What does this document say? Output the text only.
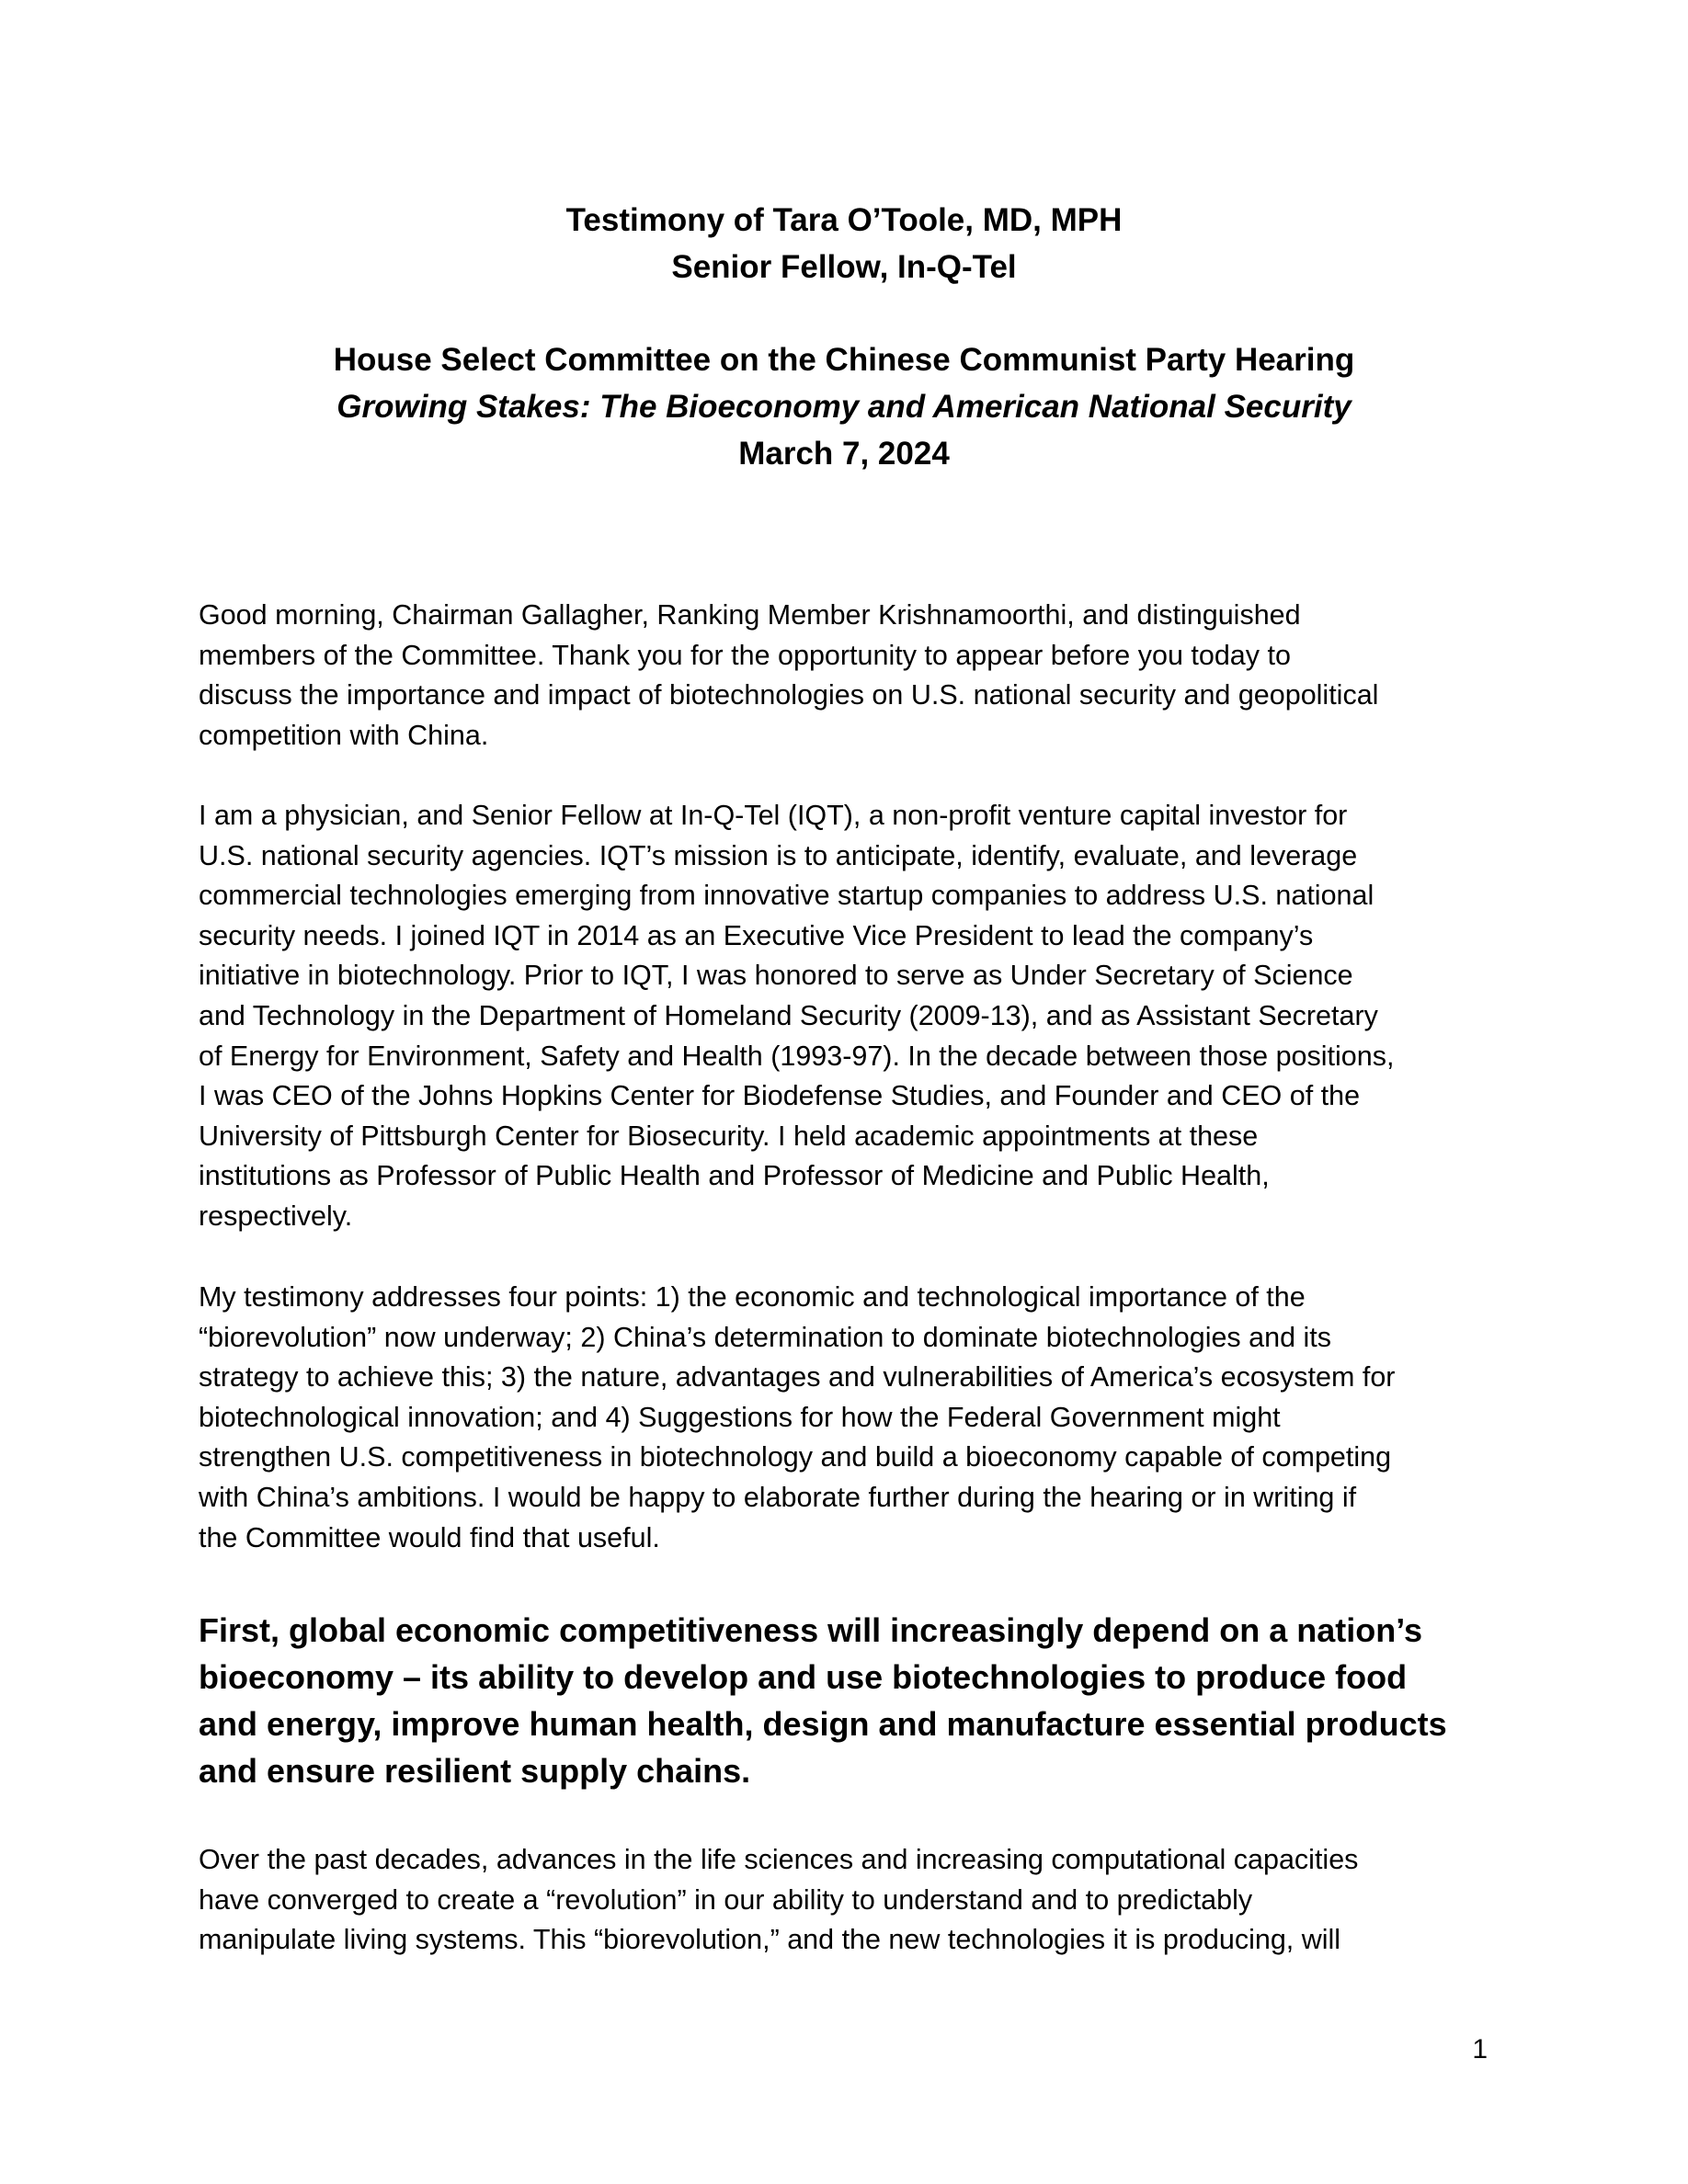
Testimony of Tara O’Toole, MD, MPH
Senior Fellow, In-Q-Tel
House Select Committee on the Chinese Communist Party Hearing
Growing Stakes: The Bioeconomy and American National Security
March 7, 2024
Good morning, Chairman Gallagher, Ranking Member Krishnamoorthi, and distinguished
members of the Committee. Thank you for the opportunity to appear before you today to
discuss the importance and impact of biotechnologies on U.S. national security and geopolitical
competition with China.
I am a physician, and Senior Fellow at In-Q-Tel (IQT), a non-profit venture capital investor for
U.S. national security agencies. IQT’s mission is to anticipate, identify, evaluate, and leverage
commercial technologies emerging from innovative startup companies to address U.S. national
security needs. I joined IQT in 2014 as an Executive Vice President to lead the company’s
initiative in biotechnology. Prior to IQT, I was honored to serve as Under Secretary of Science
and Technology in the Department of Homeland Security (2009-13), and as Assistant Secretary
of Energy for Environment, Safety and Health (1993-97). In the decade between those positions,
I was CEO of the Johns Hopkins Center for Biodefense Studies, and Founder and CEO of the
University of Pittsburgh Center for Biosecurity. I held academic appointments at these
institutions as Professor of Public Health and Professor of Medicine and Public Health,
respectively.
My testimony addresses four points: 1) the economic and technological importance of the
“biorevolution” now underway; 2) China’s determination to dominate biotechnologies and its
strategy to achieve this; 3) the nature, advantages and vulnerabilities of America’s ecosystem for
biotechnological innovation; and 4) Suggestions for how the Federal Government might
strengthen U.S. competitiveness in biotechnology and build a bioeconomy capable of competing
with China’s ambitions. I would be happy to elaborate further during the hearing or in writing if
the Committee would find that useful.
First, global economic competitiveness will increasingly depend on a nation’s
bioeconomy – its ability to develop and use biotechnologies to produce food
and energy, improve human health, design and manufacture essential products
and ensure resilient supply chains.
Over the past decades, advances in the life sciences and increasing computational capacities
have converged to create a “revolution” in our ability to understand and to predictably
manipulate living systems. This “biorevolution,” and the new technologies it is producing, will
1
